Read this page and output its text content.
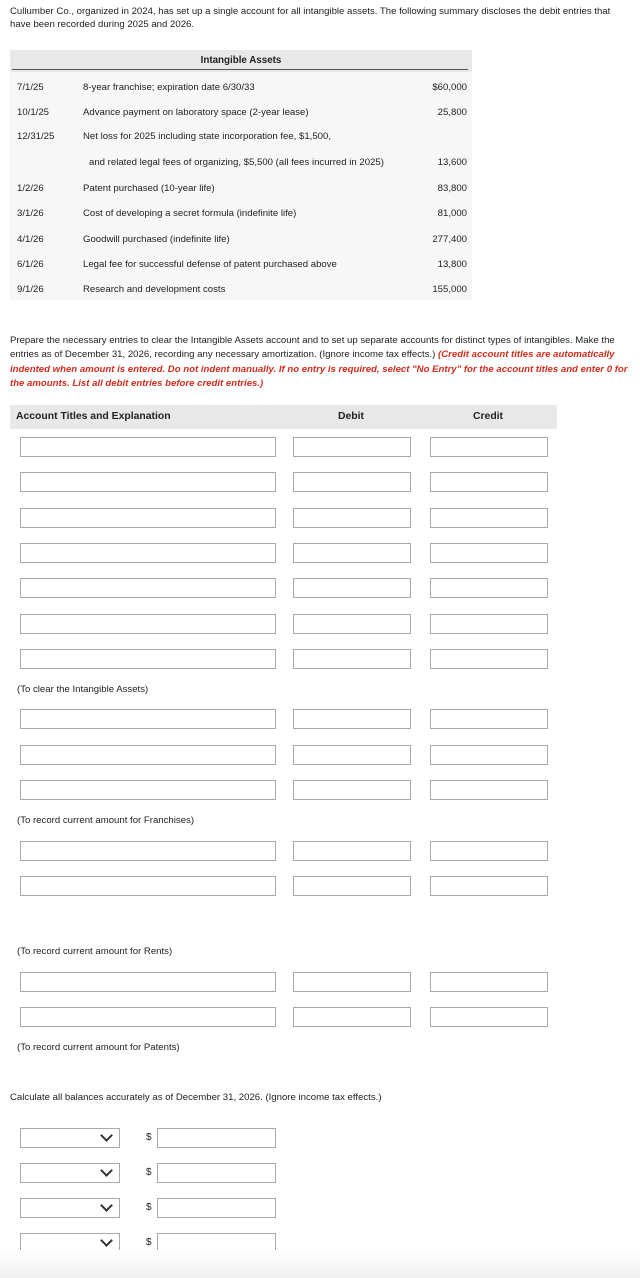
Cullumber Co., organized in 2024, has set up a single account for all intangible assets. The following summary discloses the debit entries that have been recorded during 2025 and 2026.
Intangible Assets
7/1/25	8-year franchise; expiration date 6/30/33	$60,000
10/1/25	Advance payment on laboratory space (2-year lease)	25,800
12/31/25	Net loss for 2025 including state incorporation fee, $1,500,
and related legal fees of organizing, $5,500 (all fees incurred in 2025)	13,600
1/2/26	Patent purchased (10-year life)	83,800
3/1/26	Cost of developing a secret formula (indefinite life)	81,000
4/1/26	Goodwill purchased (indefinite life)	277,400
6/1/26	Legal fee for successful defense of patent purchased above	13,800
9/1/26	Research and development costs	155,000
Prepare the necessary entries to clear the Intangible Assets account and to set up separate accounts for distinct types of intangibles. Make the entries as of December 31, 2026, recording any necessary amortization. (Ignore income tax effects.) (Credit account titles are automatically indented when amount is entered. Do not indent manually. If no entry is required, select "No Entry" for the account titles and enter 0 for the amounts. List all debit entries before credit entries.)
Account Titles and Explanation	Debit	Credit
(To clear the Intangible Assets)
(To record current amount for Franchises)
(To record current amount for Rents)
(To record current amount for Patents)
Calculate all balances accurately as of December 31, 2026. (Ignore income tax effects.)
$
$
$
$
